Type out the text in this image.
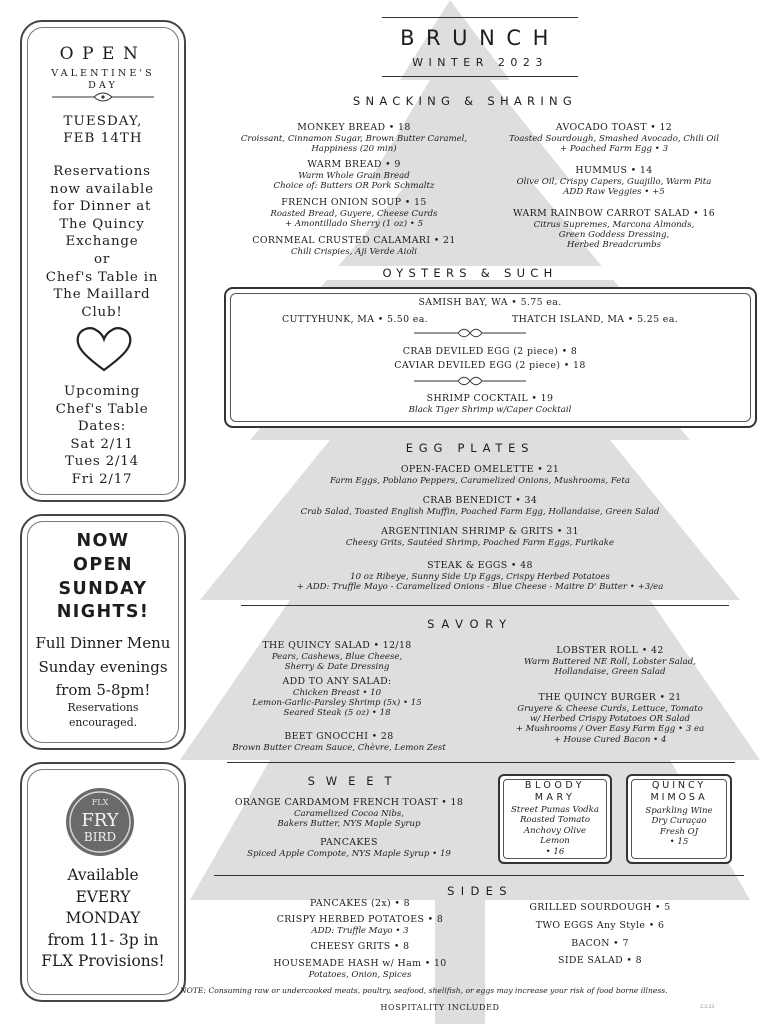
OPEN
VALENTINE'S
DAY
TUESDAY,
FEB 14TH
Reservations
now available
for Dinner at
The Quincy
Exchange
or
Chef's Table in
The Maillard
Club!
Upcoming
Chef's Table
Dates:
Sat 2/11
Tues 2/14
Fri 2/17
NOW
OPEN
SUNDAY
NIGHTS!
Full Dinner Menu
Sunday evenings
from 5-8pm!
Reservations
encouraged.
FLX
FRY
BIRD
Available
EVERY
MONDAY
from 11- 3p in
FLX Provisions!
BRUNCH
WINTER 2023
SNACKING & SHARING
MONKEY BREAD • 18
Croissant, Cinnamon Sugar, Brown Butter Caramel,
Happiness (20 min)
WARM BREAD • 9
Warm Whole Grain Bread
Choice of: Butters OR Pork Schmaltz
FRENCH ONION SOUP • 15
Roasted Bread, Guyere, Cheese Curds
+ Amontillado Sherry (1 oz) • 5
CORNMEAL CRUSTED CALAMARI • 21
Chili Crispies, Aji Verde Aioli
AVOCADO TOAST • 12
Toasted Sourdough, Smashed Avocado, Chili Oil
+ Poached Farm Egg • 3
HUMMUS • 14
Olive Oil, Crispy Capers, Guajillo, Warm Pita
ADD Raw Veggies • +5
WARM RAINBOW CARROT SALAD • 16
Citrus Supremes, Marcona Almonds,
Green Goddess Dressing,
Herbed Breadcrumbs
OYSTERS & SUCH
SAMISH BAY, WA • 5.75 ea.
CUTTYHUNK, MA • 5.50 ea.	THATCH ISLAND, MA • 5.25 ea.
CRAB DEVILED EGG (2 piece) • 8
CAVIAR DEVILED EGG (2 piece) • 18
SHRIMP COCKTAIL • 19
Black Tiger Shrimp w/Caper Cocktail
EGG PLATES
OPEN-FACED OMELETTE • 21
Farm Eggs, Poblano Peppers, Caramelized Onions, Mushrooms, Feta
CRAB BENEDICT • 34
Crab Salad, Toasted English Muffin, Poached Farm Egg, Hollandaise, Green Salad
ARGENTINIAN SHRIMP & GRITS • 31
Cheesy Grits, Sautéed Shrimp, Poached Farm Eggs, Furikake
STEAK & EGGS • 48
10 oz Ribeye, Sunny Side Up Eggs, Crispy Herbed Potatoes
+ ADD: Truffle Mayo - Caramelized Onions - Blue Cheese - Maitre D' Butter • +3/ea
SAVORY
THE QUINCY SALAD • 12/18
Pears, Cashews, Blue Cheese,
Sherry & Date Dressing
ADD TO ANY SALAD:
Chicken Breast • 10
Lemon-Garlic-Parsley Shrimp (5x) • 15
Seared Steak (5 oz) • 18
BEET GNOCCHI • 28
Brown Butter Cream Sauce, Chèvre, Lemon Zest
LOBSTER ROLL • 42
Warm Buttered NE Roll, Lobster Salad,
Hollandaise, Green Salad
THE QUINCY BURGER • 21
Gruyere & Cheese Curds, Lettuce, Tomato
w/ Herbed Crispy Potatoes OR Salad
+ Mushrooms / Over Easy Farm Egg • 3 ea
+ House Cured Bacon • 4
SWEET
ORANGE CARDAMOM FRENCH TOAST • 18
Caramelized Cocoa Nibs,
Bakers Butter, NYS Maple Syrup
PANCAKES
Spiced Apple Compote, NYS Maple Syrup • 19
BLOODY
MARY
Street Pumas Vodka
Roasted Tomato
Anchovy Olive
Lemon
• 16
QUINCY
MIMOSA
Sparkling Wine
Dry Curaçao
Fresh OJ
• 15
SIDES
PANCAKES (2x) • 8
CRISPY HERBED POTATOES • 8
ADD: Truffle Mayo • 3
CHEESY GRITS • 8
HOUSEMADE HASH w/ Ham • 10
Potatoes, Onion, Spices
GRILLED SOURDOUGH • 5
TWO EGGS Any Style • 6
BACON • 7
SIDE SALAD • 8
NOTE: Consuming raw or undercooked meats, poultry, seafood, shellfish, or eggs may increase your risk of food borne illness.
HOSPITALITY INCLUDED	2.3.23
